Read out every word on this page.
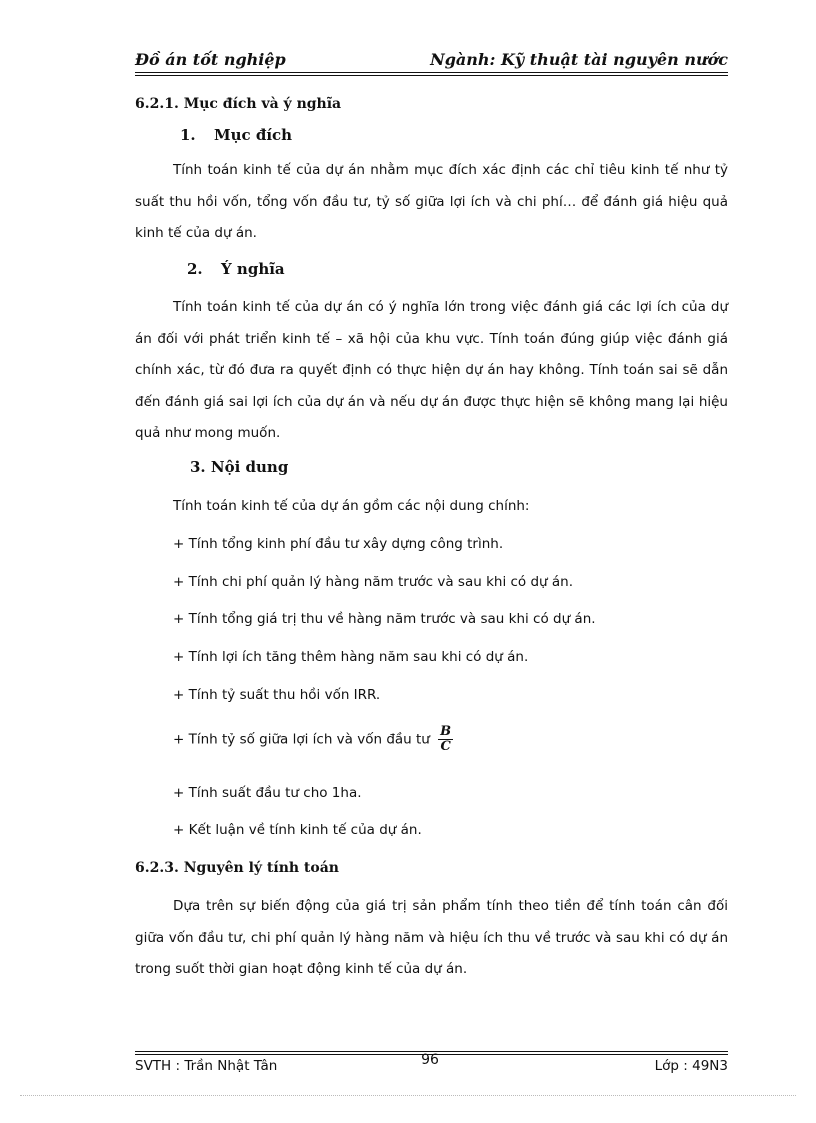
Đồ án tốt nghiệp	Ngành: Kỹ thuật tài nguyên nước
6.2.1. Mục đích và ý nghĩa
1. Mục đích

Tính toán kinh tế của dự án nhằm mục đích xác định các chỉ tiêu kinh tế như tỷ suất thu hồi vốn, tổng vốn đầu tư, tỷ số giữa lợi ích và chi phí… để đánh giá hiệu quả kinh tế của dự án.

2. Ý nghĩa

Tính toán kinh tế của dự án có ý nghĩa lớn trong việc đánh giá các lợi ích của dự án đối với phát triển kinh tế – xã hội của khu vực. Tính toán đúng giúp việc đánh giá chính xác, từ đó đưa ra quyết định có thực hiện dự án hay không. Tính toán sai sẽ dẫn đến đánh giá sai lợi ích của dự án và nếu dự án được thực hiện sẽ không mang lại hiệu quả như mong muốn.

3. Nội dung
Tính toán kinh tế của dự án gồm các nội dung chính:
+ Tính tổng kinh phí đầu tư xây dựng công trình.
+ Tính chi phí quản lý hàng năm trước và sau khi có dự án.
+ Tính tổng giá trị thu về hàng năm trước và sau khi có dự án.
+ Tính lợi ích tăng thêm hàng năm sau khi có dự án.
+ Tính tỷ suất thu hồi vốn IRR.
+ Tính tỷ số giữa lợi ích và vốn đầu tư $\frac{B}{C}$
+ Tính suất đầu tư cho 1ha.
+ Kết luận về tính kinh tế của dự án.
6.2.3. Nguyên lý tính toán

Dựa trên sự biến động của giá trị sản phẩm tính theo tiền để tính toán cân đối giữa vốn đầu tư, chi phí quản lý hàng năm và hiệu ích thu về trước và sau khi có dự án trong suốt thời gian hoạt động kinh tế của dự án.

SVTH : Trần Nhật Tân	Lớp : 49N3
96
